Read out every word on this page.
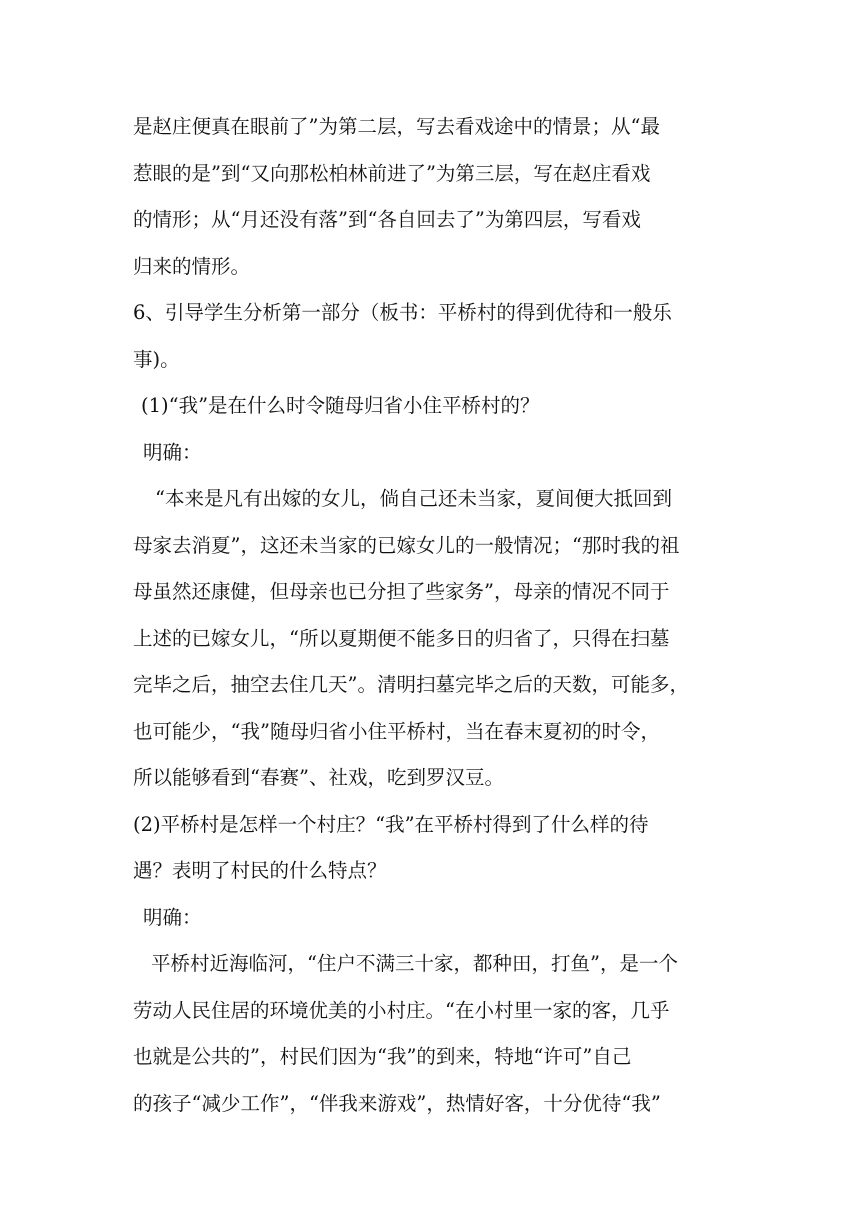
是赵庄便真在眼前了”为第二层，写去看戏途中的情景；从“最
惹眼的是”到“又向那松柏林前进了”为第三层，写在赵庄看戏
的情形；从“月还没有落”到“各自回去了”为第四层，写看戏
归来的情形。
6、引导学生分析第一部分（板书：平桥村的得到优待和一般乐
事)。
(1)“我”是在什么时令随母归省小住平桥村的？
明确：
“本来是凡有出嫁的女儿，倘自己还未当家，夏间便大抵回到
母家去消夏”，这还未当家的已嫁女儿的一般情况；“那时我的祖
母虽然还康健，但母亲也已分担了些家务”，母亲的情况不同于
上述的已嫁女儿，“所以夏期便不能多日的归省了，只得在扫墓
完毕之后，抽空去住几天”。清明扫墓完毕之后的天数，可能多，
也可能少，“我”随母归省小住平桥村，当在春末夏初的时令，
所以能够看到“春赛”、社戏，吃到罗汉豆。
(2)平桥村是怎样一个村庄？“我”在平桥村得到了什么样的待
遇？表明了村民的什么特点？
明确：
平桥村近海临河，“住户不满三十家，都种田，打鱼”，是一个
劳动人民住居的环境优美的小村庄。“在小村里一家的客，几乎
也就是公共的”，村民们因为“我”的到来，特地“许可”自己
的孩子“减少工作”，“伴我来游戏”，热情好客，十分优待“我”
